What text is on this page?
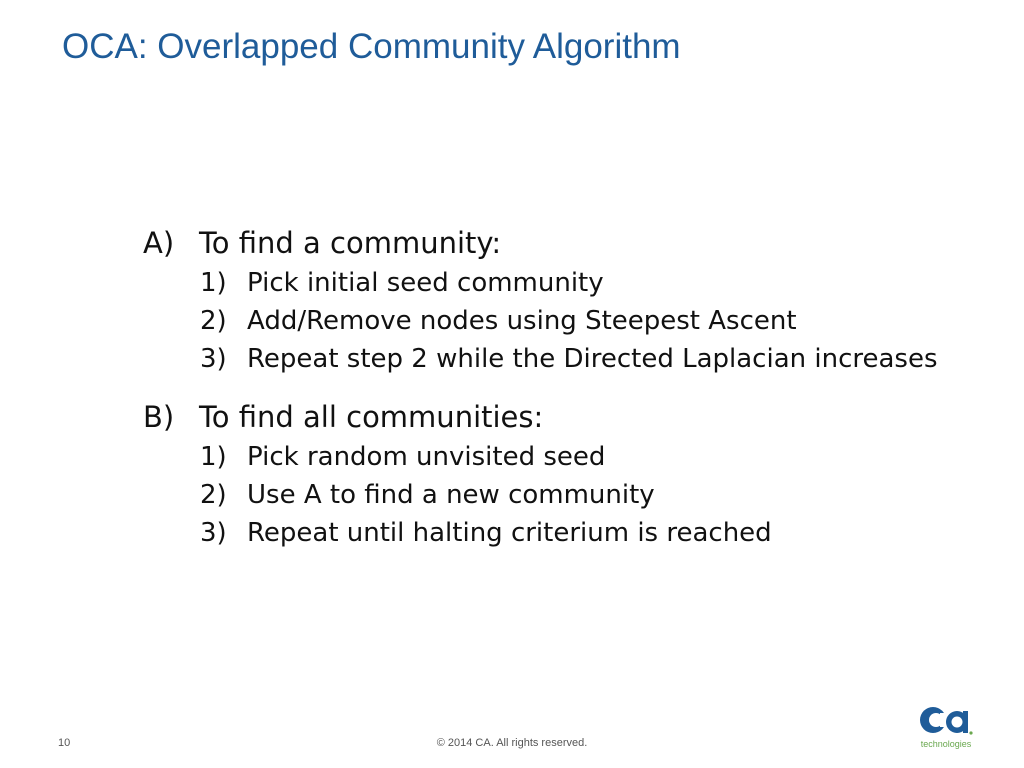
OCA: Overlapped Community Algorithm
A) To find a community:
1) Pick initial seed community
2) Add/Remove nodes using Steepest Ascent
3) Repeat step 2 while the Directed Laplacian increases
B) To find all communities:
1) Pick random unvisited seed
2) Use A to find a new community
3) Repeat until halting criterium is reached
10	© 2014 CA. All rights reserved.	technologies
